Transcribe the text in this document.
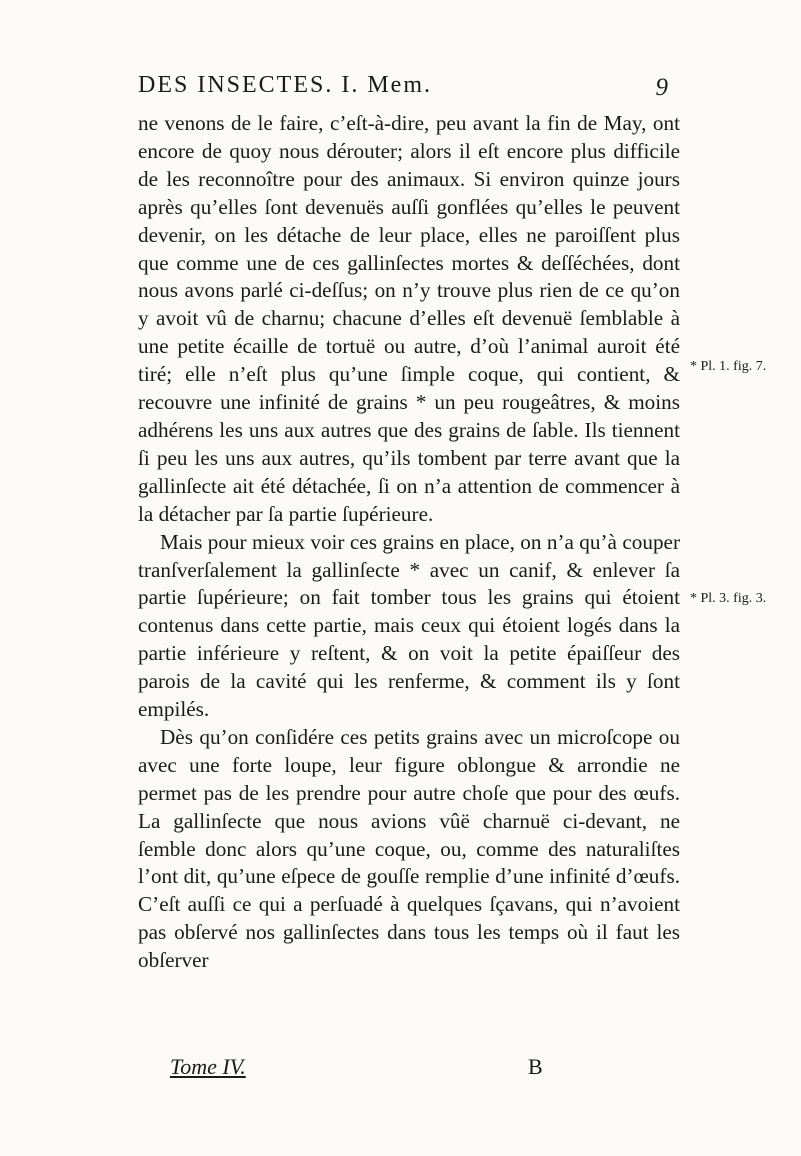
DES INSECTES. I. Mem.	9

ne venons de le faire, c’eſt-à-dire, peu avant la fin de May, ont encore de quoy nous dérouter; alors il eſt encore plus difficile de les reconnoître pour des animaux. Si environ quinze jours après qu’elles ſont devenuës auſſi gonflées qu’elles le peuvent devenir, on les détache de leur place, elles ne paroiſſent plus que comme une de ces gallinſectes mortes & deſſéchées, dont nous avons parlé ci-deſſus; on n’y trouve plus rien de ce qu’on y avoit vû de charnu; chacune d’elles eſt devenuë ſemblable à une petite écaille de tortuë ou autre, d’où l’animal auroit été tiré; elle n’eſt plus qu’une ſimple coque, qui contient, & recouvre une infinité de grains * un peu rougeâtres, & moins adhérens les uns aux autres que des grains de ſable. Ils tiennent ſi peu les uns aux autres, qu’ils tombent par terre avant que la gallinſecte ait été détachée, ſi on n’a attention de commencer à la détacher par ſa partie ſupérieure.

Mais pour mieux voir ces grains en place, on n’a qu’à couper tranſverſalement la gallinſecte * avec un canif, & enlever ſa partie ſupérieure; on fait tomber tous les grains qui étoient contenus dans cette partie, mais ceux qui étoient logés dans la partie inférieure y reſtent, & on voit la petite épaiſſeur des parois de la cavité qui les renferme, & comment ils y ſont empilés.

Dès qu’on conſidére ces petits grains avec un microſcope ou avec une forte loupe, leur figure oblongue & arrondie ne permet pas de les prendre pour autre choſe que pour des œufs. La gallinſecte que nous avions vûë charnuë ci-devant, ne ſemble donc alors qu’une coque, ou, comme des naturaliſtes l’ont dit, qu’une eſpece de gouſſe remplie d’une infinité d’œufs. C’eſt auſſi ce qui a perſuadé à quelques ſçavans, qui n’avoient pas obſervé nos gallinſectes dans tous les temps où il faut les obſerver

* Pl. 1. fig. 7.
* Pl. 3. fig. 3.
Tome IV.	B
